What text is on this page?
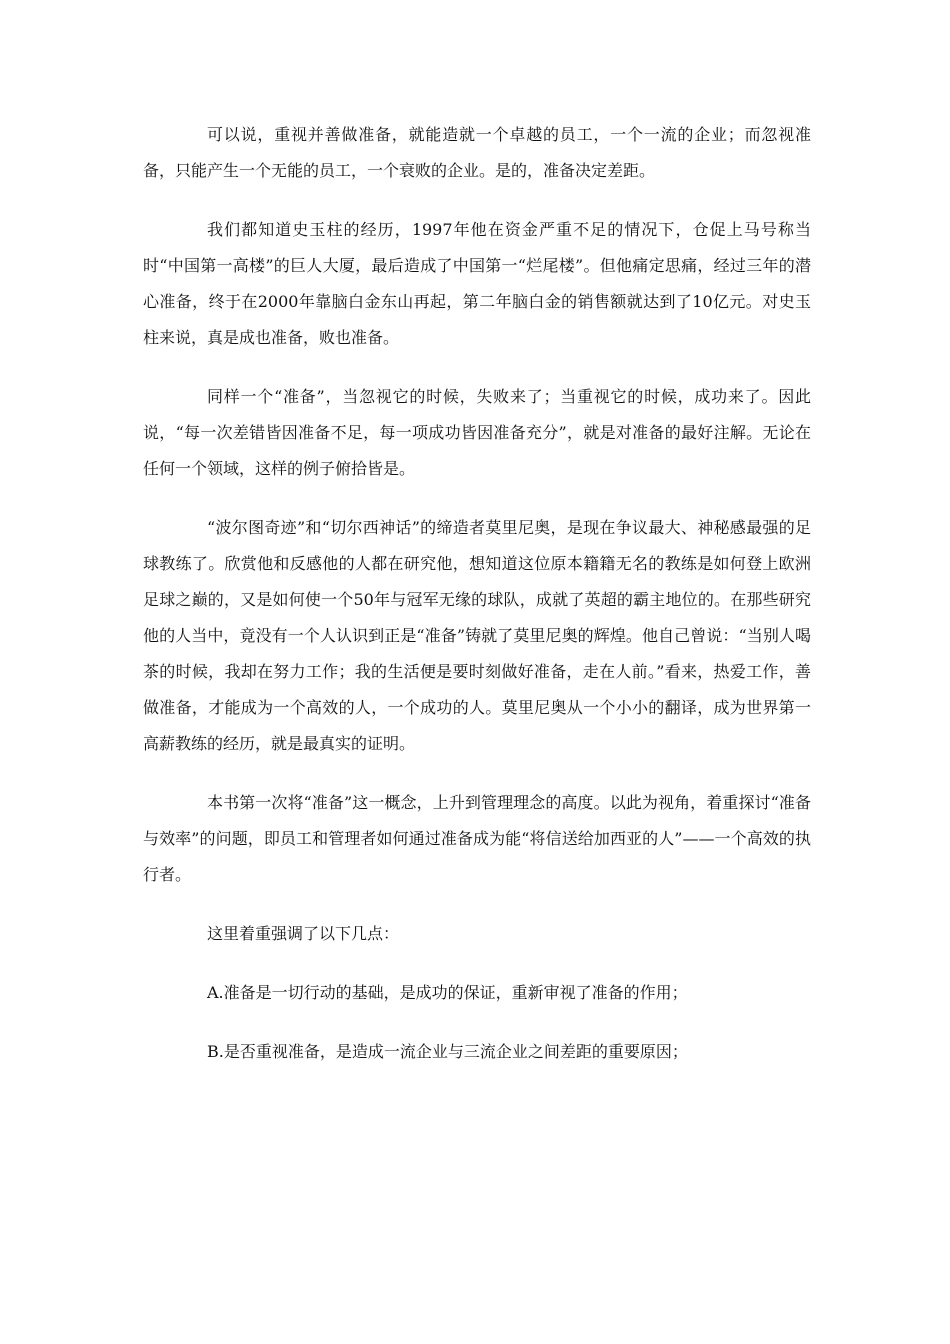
可以说，重视并善做准备，就能造就一个卓越的员工，一个一流的企业；而忽视准备，只能产生一个无能的员工，一个衰败的企业。是的，准备决定差距。

我们都知道史玉柱的经历，1997年他在资金严重不足的情况下，仓促上马号称当时“中国第一高楼”的巨人大厦，最后造成了中国第一“烂尾楼”。但他痛定思痛，经过三年的潜心准备，终于在2000年靠脑白金东山再起，第二年脑白金的销售额就达到了10亿元。对史玉柱来说，真是成也准备，败也准备。

同样一个“准备”，当忽视它的时候，失败来了；当重视它的时候，成功来了。因此说，“每一次差错皆因准备不足，每一项成功皆因准备充分”，就是对准备的最好注解。无论在任何一个领域，这样的例子俯拾皆是。

“波尔图奇迹”和“切尔西神话”的缔造者莫里尼奥，是现在争议最大、神秘感最强的足球教练了。欣赏他和反感他的人都在研究他，想知道这位原本籍籍无名的教练是如何登上欧洲足球之巅的，又是如何使一个50年与冠军无缘的球队，成就了英超的霸主地位的。在那些研究他的人当中，竟没有一个人认识到正是“准备”铸就了莫里尼奥的辉煌。他自己曾说：“当别人喝茶的时候，我却在努力工作；我的生活便是要时刻做好准备，走在人前。”看来，热爱工作，善做准备，才能成为一个高效的人，一个成功的人。莫里尼奥从一个小小的翻译，成为世界第一高薪教练的经历，就是最真实的证明。

本书第一次将“准备”这一概念，上升到管理理念的高度。以此为视角，着重探讨“准备与效率”的问题，即员工和管理者如何通过准备成为能“将信送给加西亚的人”——一个高效的执行者。

这里着重强调了以下几点：

A.准备是一切行动的基础，是成功的保证，重新审视了准备的作用；

B.是否重视准备，是造成一流企业与三流企业之间差距的重要原因；
